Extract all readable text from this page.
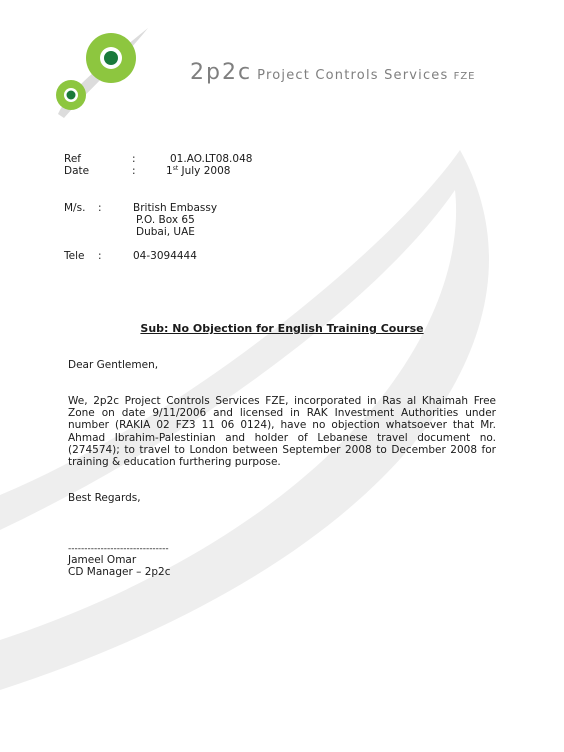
2p2c Project Controls Services FZE
Ref	:	01.AO.LT08.048
Date	:	1st July 2008
M/s. :	British Embassy
P.O. Box 65
Dubai, UAE
Tele :	04-3094444
Sub: No Objection for English Training Course
Dear Gentlemen,
We, 2p2c Project Controls Services FZE, incorporated in Ras al Khaimah Free Zone on date 9/11/2006 and licensed in RAK Investment Authorities under number (RAKIA 02 FZ3 11 06 0124), have no objection whatsoever that Mr. Ahmad Ibrahim-Palestinian and holder of Lebanese travel document no. (274574); to travel to London between September 2008 to December 2008 for training & education furthering purpose.
Best Regards,
-------------------------------
Jameel Omar
CD Manager – 2p2c
